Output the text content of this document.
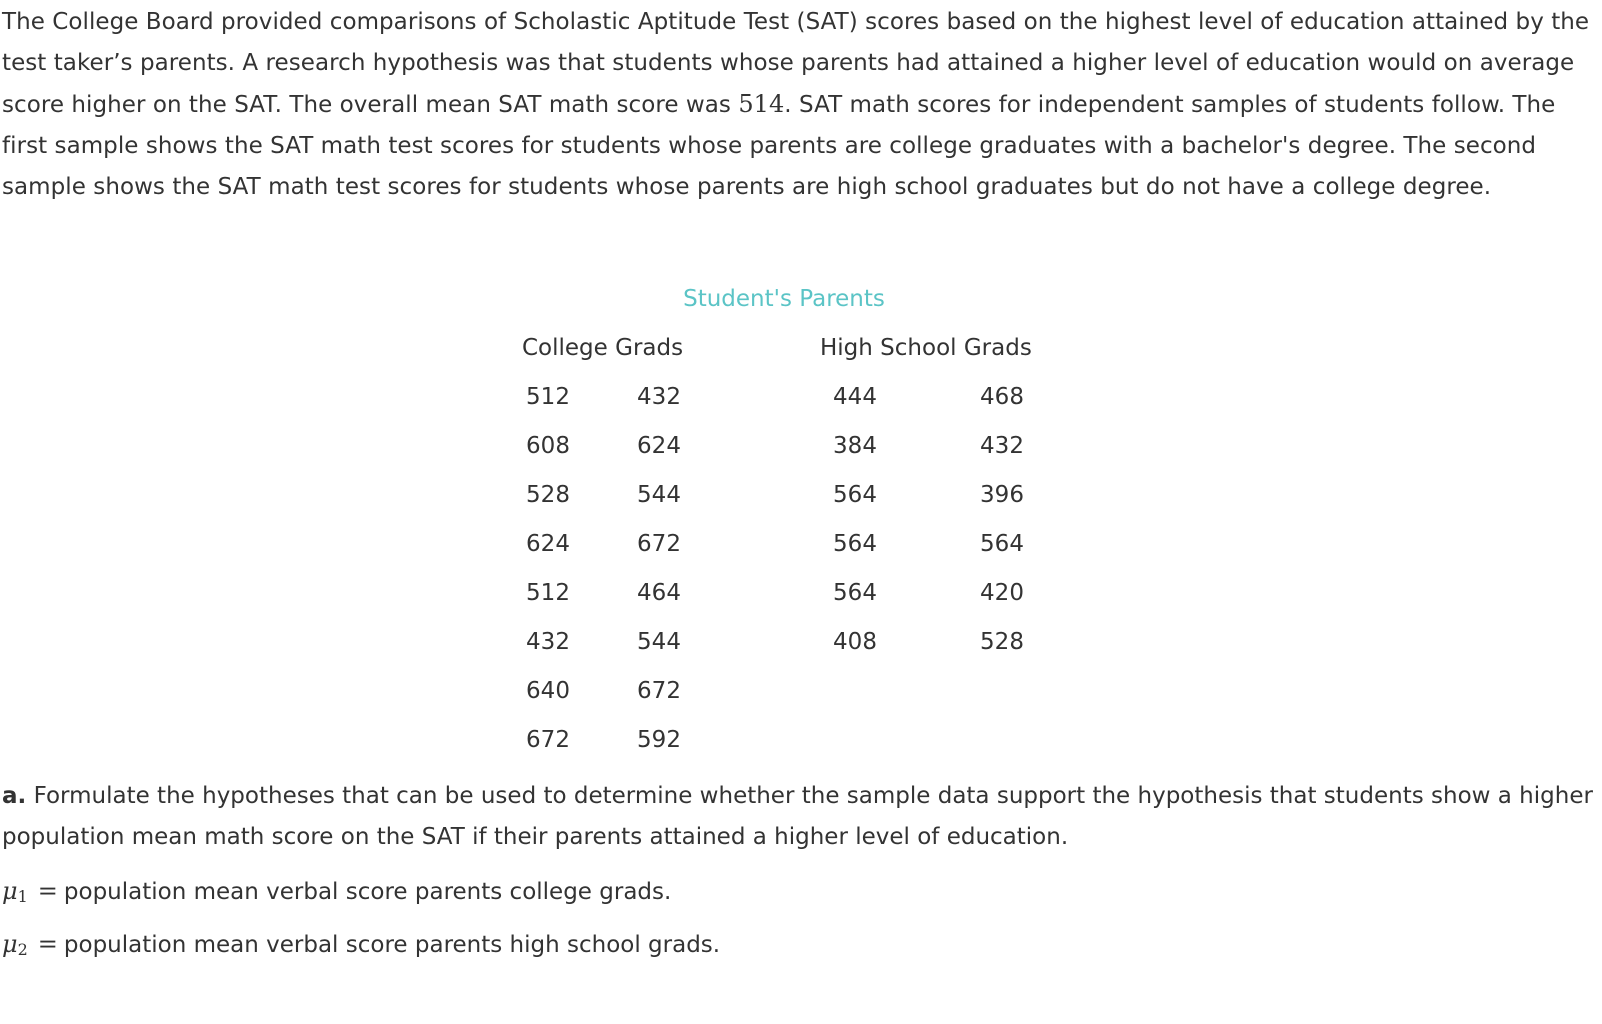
The College Board provided comparisons of Scholastic Aptitude Test (SAT) scores based on the highest level of education attained by the test taker’s parents. A research hypothesis was that students whose parents had attained a higher level of education would on average score higher on the SAT. The overall mean SAT math score was 514. SAT math scores for independent samples of students follow. The first sample shows the SAT math test scores for students whose parents are college graduates with a bachelor's degree. The second sample shows the SAT math test scores for students whose parents are high school graduates but do not have a college degree.

Student's Parents
College Grads	High School Grads
512
608
528
624
512
432
640
672
432
624
544
672
464
544
672
592
444
384
564
564
564
408
468
432
396
564
420
528

a. Formulate the hypotheses that can be used to determine whether the sample data support the hypothesis that students show a higher population mean math score on the SAT if their parents attained a higher level of education.

$\mu_1$ = population mean verbal score parents college grads.
$\mu_2$ = population mean verbal score parents high school grads.
